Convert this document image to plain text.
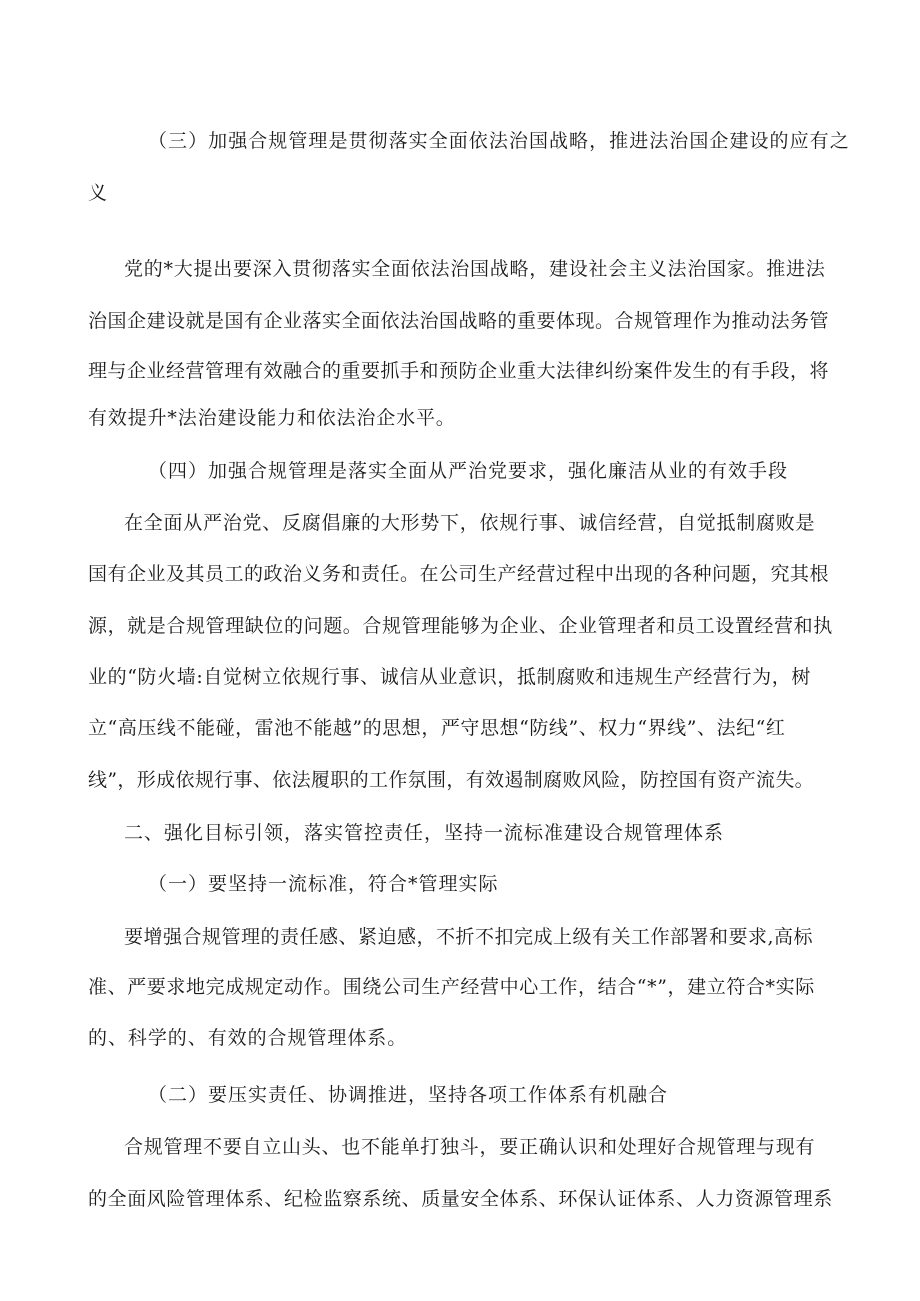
（三）加强合规管理是贯彻落实全面依法治国战略，推进法治国企建设的应有之
义
党的*大提出要深入贯彻落实全面依法治国战略，建设社会主义法治国家。推进法
治国企建设就是国有企业落实全面依法治国战略的重要体现。合规管理作为推动法务管
理与企业经营管理有效融合的重要抓手和预防企业重大法律纠纷案件发生的有手段，将
有效提升*法治建设能力和依法治企水平。
（四）加强合规管理是落实全面从严治党要求，强化廉洁从业的有效手段
在全面从严治党、反腐倡廉的大形势下，依规行事、诚信经营，自觉抵制腐败是
国有企业及其员工的政治义务和责任。在公司生产经营过程中出现的各种问题，究其根
源，就是合规管理缺位的问题。合规管理能够为企业、企业管理者和员工设置经营和执
业的“防火墙:自觉树立依规行事、诚信从业意识，抵制腐败和违规生产经营行为，树
立“高压线不能碰，雷池不能越”的思想，严守思想“防线”、权力“界线”、法纪“红
线”，形成依规行事、依法履职的工作氛围，有效遏制腐败风险，防控国有资产流失。
二、强化目标引领，落实管控责任，坚持一流标准建设合规管理体系
（一）要坚持一流标准，符合*管理实际
要增强合规管理的责任感、紧迫感，不折不扣完成上级有关工作部署和要求,高标
准、严要求地完成规定动作。围绕公司生产经营中心工作，结合“*”，建立符合*实际
的、科学的、有效的合规管理体系。
（二）要压实责任、协调推进，坚持各项工作体系有机融合
合规管理不要自立山头、也不能单打独斗，要正确认识和处理好合规管理与现有
的全面风险管理体系、纪检监察系统、质量安全体系、环保认证体系、人力资源管理系
